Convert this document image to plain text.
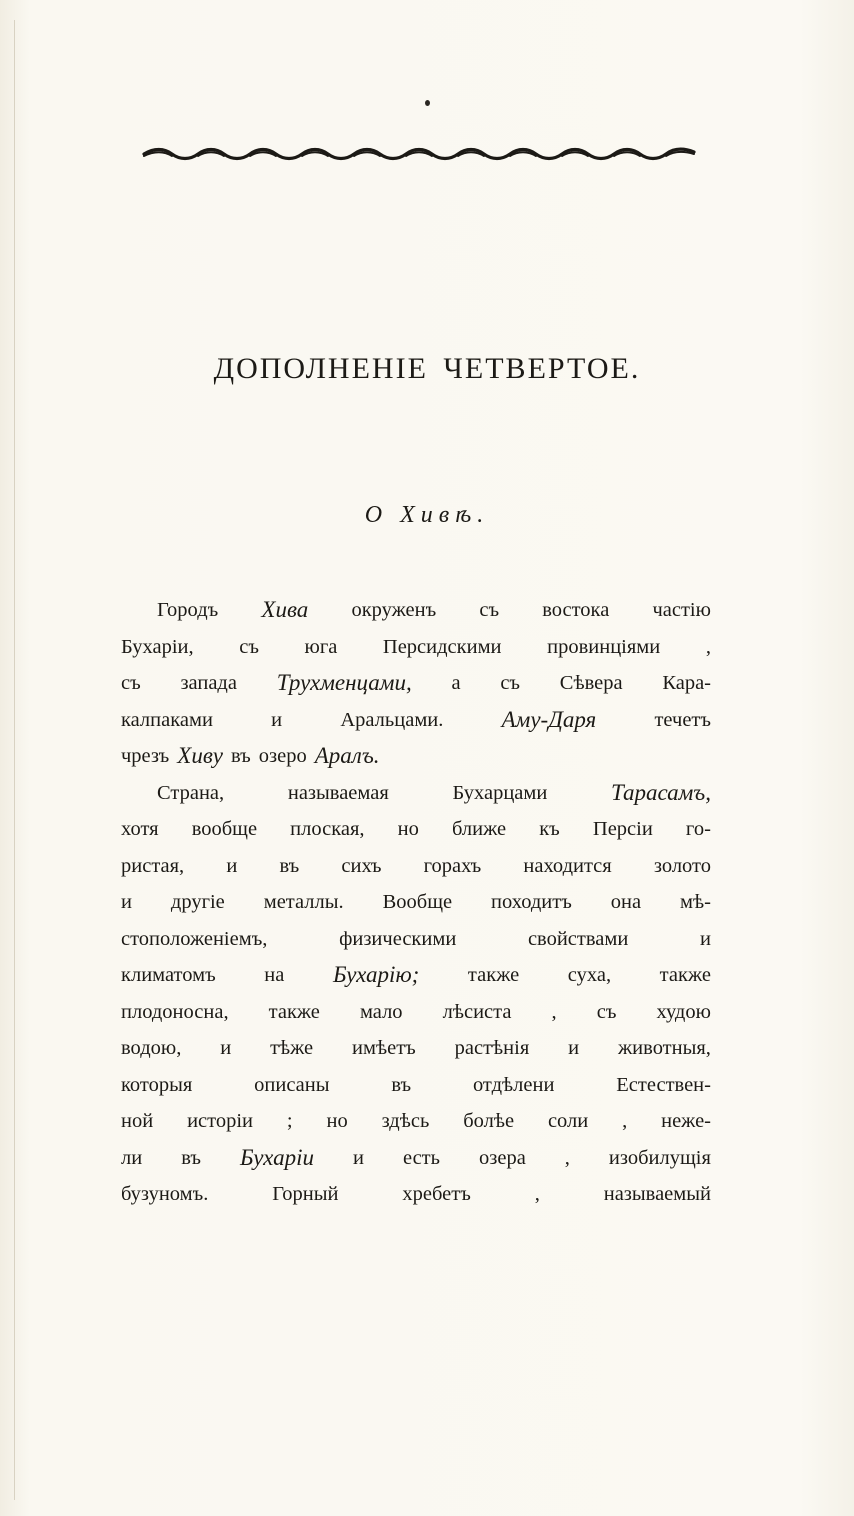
ДОПОЛНЕНІЕ ЧЕТВЕРТОЕ.
О Хивѣ.
Городъ Хива окруженъ съ востока частію
Бухаріи, съ юга Персидскими провинціями ,
съ запада Трухменцами, а съ Сѣвера Кара-
калпаками	и	Аральцами.	Аму-Даря	течетъ
чрезъ Хиву въ озеро Аралъ.
Страна,	называемая	Бухарцами	Тарасамъ,
хотя вообще плоская, но ближе къ Персіи го-
ристая, и въ сихъ горахъ находится золото
и другіе металлы. Вообще походитъ она мѣ-
стоположеніемъ,	физическими	свойствами	и
климатомъ на Бухарію; также суха, также
плодоносна, также мало лѣсиста , съ худою
водою, и тѣже имѣетъ растѣнія и животныя,
которыя	описаны	въ	отдѣлени	Естествен-
ной исторіи ; но здѣсь болѣе соли , неже-
ли въ Бухаріи и есть озера , изобилущія
бузуномъ.	Горный	хребетъ	,	называемый
